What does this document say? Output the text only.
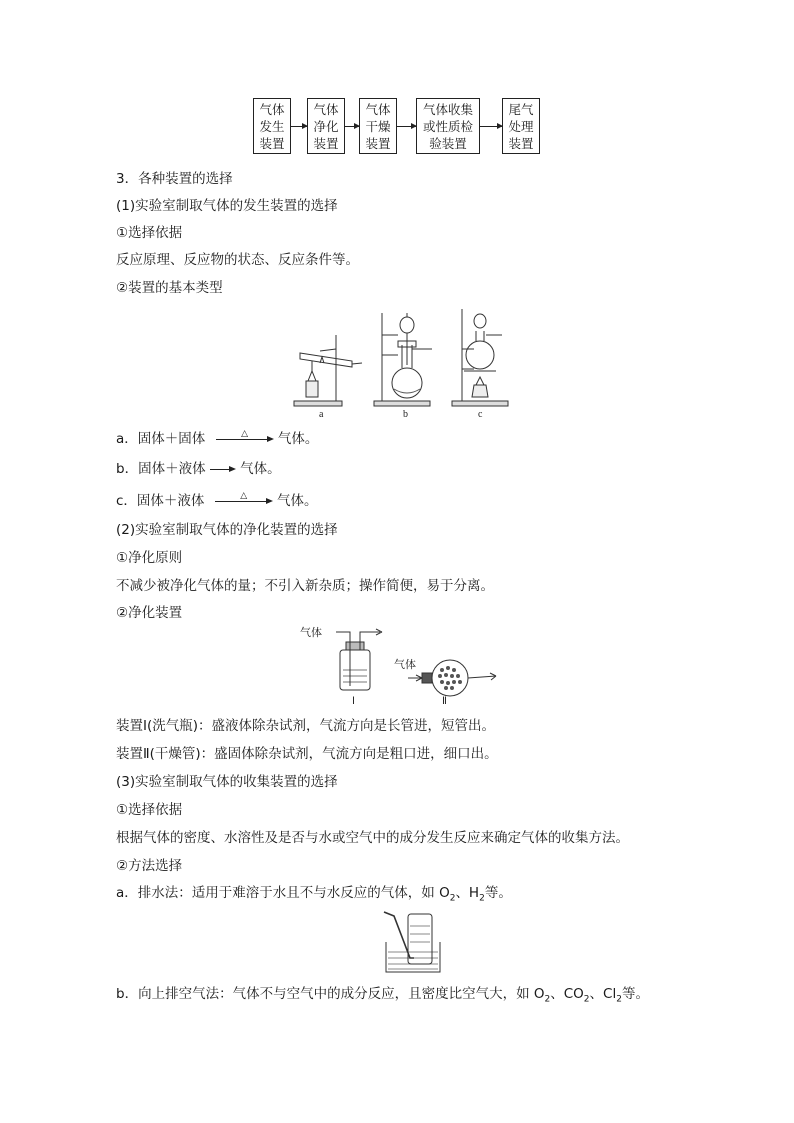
气体
发生
装置
气体
净化
装置
气体
干燥
装置
气体收集
或性质检
验装置
尾气
处理
装置
3．各种装置的选择
(1)实验室制取气体的发生装置的选择
①选择依据
反应原理、反应物的状态、反应条件等。
②装置的基本类型
a	b	c
a．固体＋固体	△ 气体。
b．固体＋液体	气体。
c．固体＋液体	△ 气体。
(2)实验室制取气体的净化装置的选择
①净化原则
不减少被净化气体的量；不引入新杂质；操作简便，易于分离。
②净化装置
气体
气体
Ⅰ	Ⅱ
装置Ⅰ(洗气瓶)：盛液体除杂试剂，气流方向是长管进，短管出。
装置Ⅱ(干燥管)：盛固体除杂试剂，气流方向是粗口进，细口出。
(3)实验室制取气体的收集装置的选择
①选择依据
根据气体的密度、水溶性及是否与水或空气中的成分发生反应来确定气体的收集方法。
②方法选择
a．排水法：适用于难溶于水且不与水反应的气体，如 $O_2$、$H_2$等。
b．向上排空气法：气体不与空气中的成分反应，且密度比空气大，如 $O_2$、$CO_2$、$Cl_2$等。
